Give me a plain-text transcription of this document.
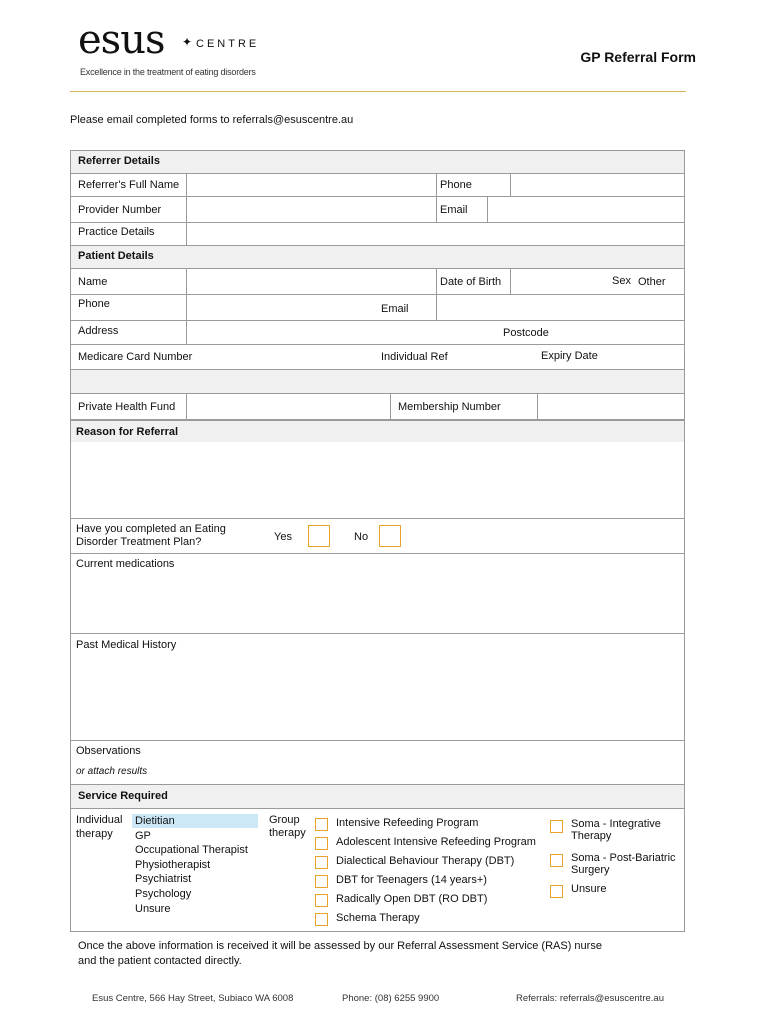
esus ✦ CENTRE
Excellence in the treatment of eating disorders
GP Referral Form
Please email completed forms to referrals@esuscentre.au
Referrer Details
Referrer's Full Name	Phone
Provider Number	Email
Practice Details
Patient Details
Name	Date of Birth	Sex Other
Phone	Email
Address	Postcode
Medicare Card Number	Individual Ref	Expiry Date
Private Health Fund	Membership Number
Reason for Referral
Have you completed an Eating
Disorder Treatment Plan?	Yes	No
Current medications
Past Medical History
Observations
or attach results
Service Required
Individual
therapy
Dietitian
GP
Occupational Therapist
Physiotherapist
Psychiatrist
Psychology
Unsure
Group
therapy
Intensive Refeeding Program
Adolescent Intensive Refeeding Program
Dialectical Behaviour Therapy (DBT)
DBT for Teenagers (14 years+)
Radically Open DBT (RO DBT)
Schema Therapy
Soma - Integrative
Therapy
Soma - Post-Bariatric
Surgery
Unsure
Once the above information is received it will be assessed by our Referral Assessment Service (RAS) nurse
and the patient contacted directly.
Esus Centre, 566 Hay Street, Subiaco WA 6008	Phone: (08) 6255 9900	Referrals: referrals@esuscentre.au
